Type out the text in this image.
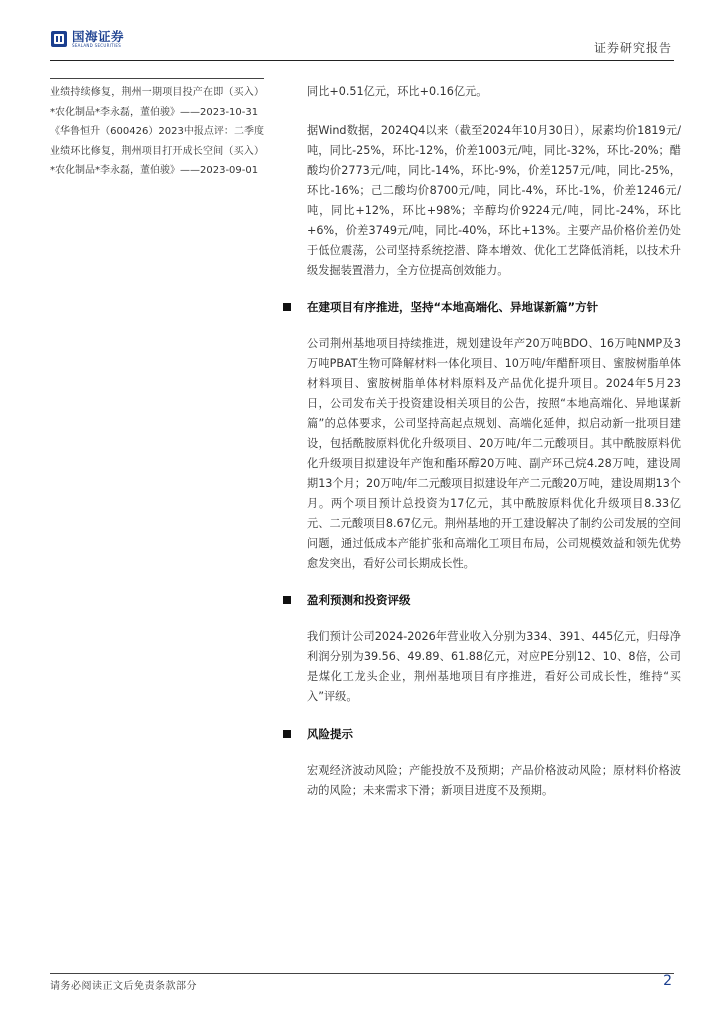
国海证券
SEALAND SECURITIES	证券研究报告
业绩持续修复，荆州一期项目投产在即（买入）*农化制品*李永磊，董伯骏》——2023-10-31
《华鲁恒升（600426）2023中报点评：二季度业绩环比修复，荆州项目打开成长空间（买入）*农化制品*李永磊，董伯骏》——2023-09-01

同比+0.51亿元，环比+0.16亿元。

据Wind数据，2024Q4以来（截至2024年10月30日），尿素均价1819元/吨，同比-25%，环比-12%，价差1003元/吨，同比-32%，环比-20%；醋酸均价2773元/吨，同比-14%，环比-9%，价差1257元/吨，同比-25%，环比-16%；己二酸均价8700元/吨，同比-4%，环比-1%，价差1246元/吨，同比+12%，环比+98%；辛醇均价9224元/吨，同比-24%，环比+6%，价差3749元/吨，同比-40%，环比+13%。主要产品价格价差仍处于低位震荡，公司坚持系统挖潜、降本增效、优化工艺降低消耗，以技术升级发掘装置潜力，全方位提高创效能力。

在建项目有序推进，坚持“本地高端化、异地谋新篇”方针

公司荆州基地项目持续推进，规划建设年产20万吨BDO、16万吨NMP及3万吨PBAT生物可降解材料一体化项目、10万吨/年醋酐项目、蜜胺树脂单体材料项目、蜜胺树脂单体材料原料及产品优化提升项目。2024年5月23日，公司发布关于投资建设相关项目的公告，按照“本地高端化、异地谋新篇”的总体要求，公司坚持高起点规划、高端化延伸，拟启动新一批项目建设，包括酰胺原料优化升级项目、20万吨/年二元酸项目。其中酰胺原料优化升级项目拟建设年产饱和酯环醇20万吨、副产环己烷4.28万吨，建设周期13个月；20万吨/年二元酸项目拟建设年产二元酸20万吨，建设周期13个月。两个项目预计总投资为17亿元，其中酰胺原料优化升级项目8.33亿元、二元酸项目8.67亿元。荆州基地的开工建设解决了制约公司发展的空间问题，通过低成本产能扩张和高端化工项目布局，公司规模效益和领先优势愈发突出，看好公司长期成长性。

盈利预测和投资评级

我们预计公司2024-2026年营业收入分别为334、391、445亿元，归母净利润分别为39.56、49.89、61.88亿元，对应PE分别12、10、8倍，公司是煤化工龙头企业，荆州基地项目有序推进，看好公司成长性，维持“买入”评级。

风险提示

宏观经济波动风险；产能投放不及预期；产品价格波动风险；原材料价格波动的风险；未来需求下滑；新项目进度不及预期。

请务必阅读正文后免责条款部分	2
